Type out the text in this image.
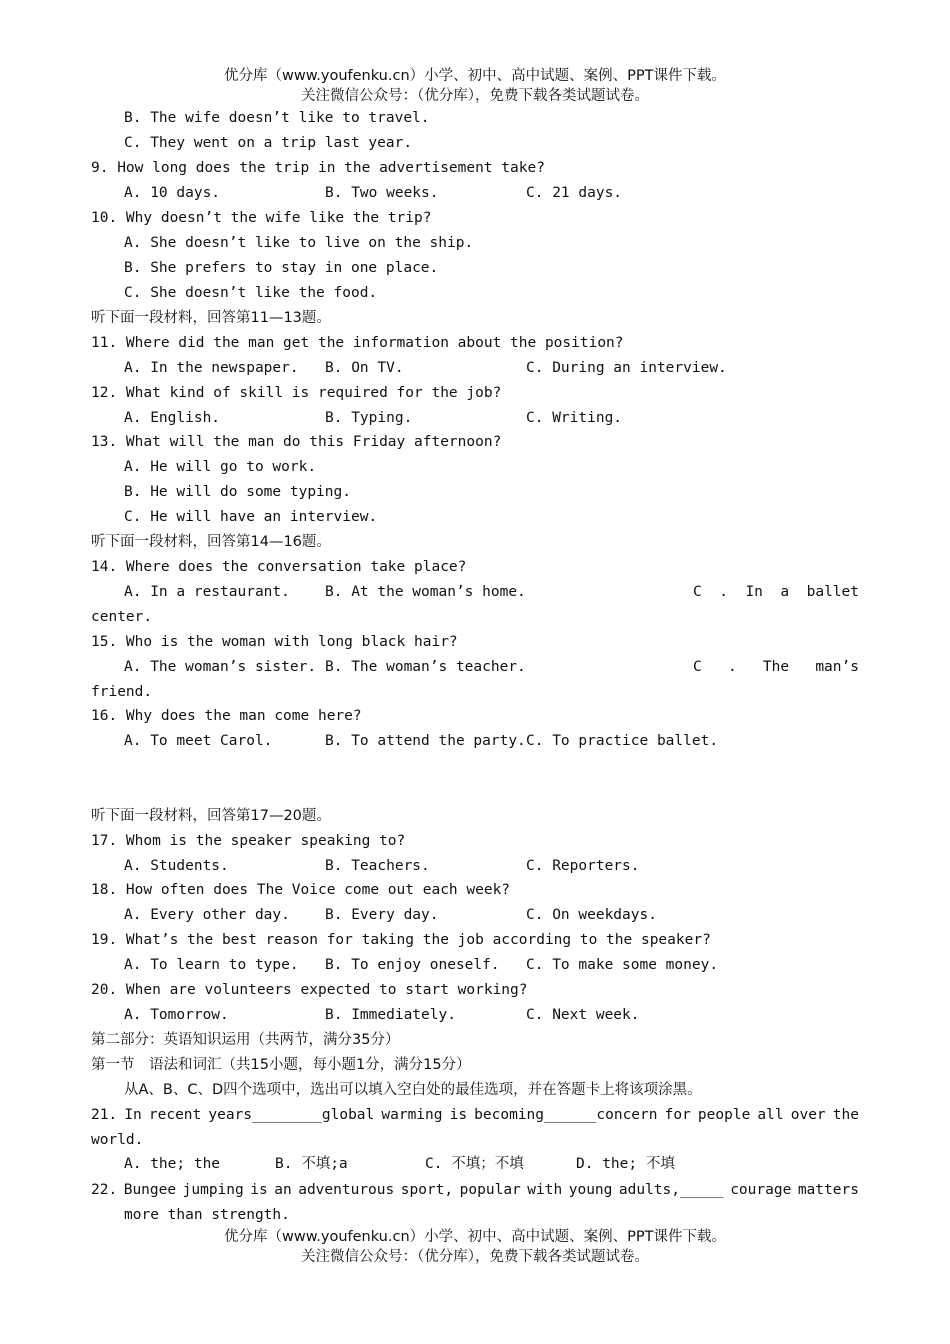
优分库（www.youfenku.cn）小学、初中、高中试题、案例、PPT课件下载。
关注微信公众号：（优分库），免费下载各类试题试卷。
B. The wife doesn’t like to travel.
C. They went on a trip last year.
9. How long does the trip in the advertisement take?
A. 10 days.	B. Two weeks.	C. 21 days.
10. Why doesn’t the wife like the trip?
A. She doesn’t like to live on the ship.
B. She prefers to stay in one place.
C. She doesn’t like the food.
听下面一段材料，回答第11—13题。
11. Where did the man get the information about the position?
A. In the newspaper. B. On TV.	C. During an interview.
12. What kind of skill is required for the job?
A. English.	B. Typing.	C. Writing.
13. What will the man do this Friday afternoon?
A. He will go to work.
B. He will do some typing.
C. He will have an interview.
听下面一段材料，回答第14—16题。
14. Where does the conversation take place?
A. In a restaurant. B. At the woman’s home.	C . In a ballet
center.
15. Who is the woman with long black hair?
A. The woman’s sister. B. The woman’s teacher.	C . The man’s
friend.
16. Why does the man come here?
A. To meet Carol.	B. To attend the party. C. To practice ballet.
听下面一段材料，回答第17—20题。
17. Whom is the speaker speaking to?
A. Students.	B. Teachers.	C. Reporters.
18. How often does The Voice come out each week?
A. Every other day. B. Every day.	C. On weekdays.
19. What’s the best reason for taking the job according to the speaker?
A. To learn to type. B. To enjoy oneself. C. To make some money.
20. When are volunteers expected to start working?
A. Tomorrow.	B. Immediately.	C. Next week.
第二部分：英语知识运用（共两节，满分35分）
第一节　语法和词汇（共15小题，每小题1分，满分15分）
从A、B、C、D四个选项中，选出可以填入空白处的最佳选项，并在答题卡上将该项涂黑。
21. In recent years________global warming is becoming______concern for people all over the
world.
A. the; the	B. 不填;a	C. 不填；不填	D. the; 不填
22. Bungee jumping is an adventurous sport, popular with young adults,_____ courage matters
more than strength.
优分库（www.youfenku.cn）小学、初中、高中试题、案例、PPT课件下载。
关注微信公众号：（优分库），免费下载各类试题试卷。
